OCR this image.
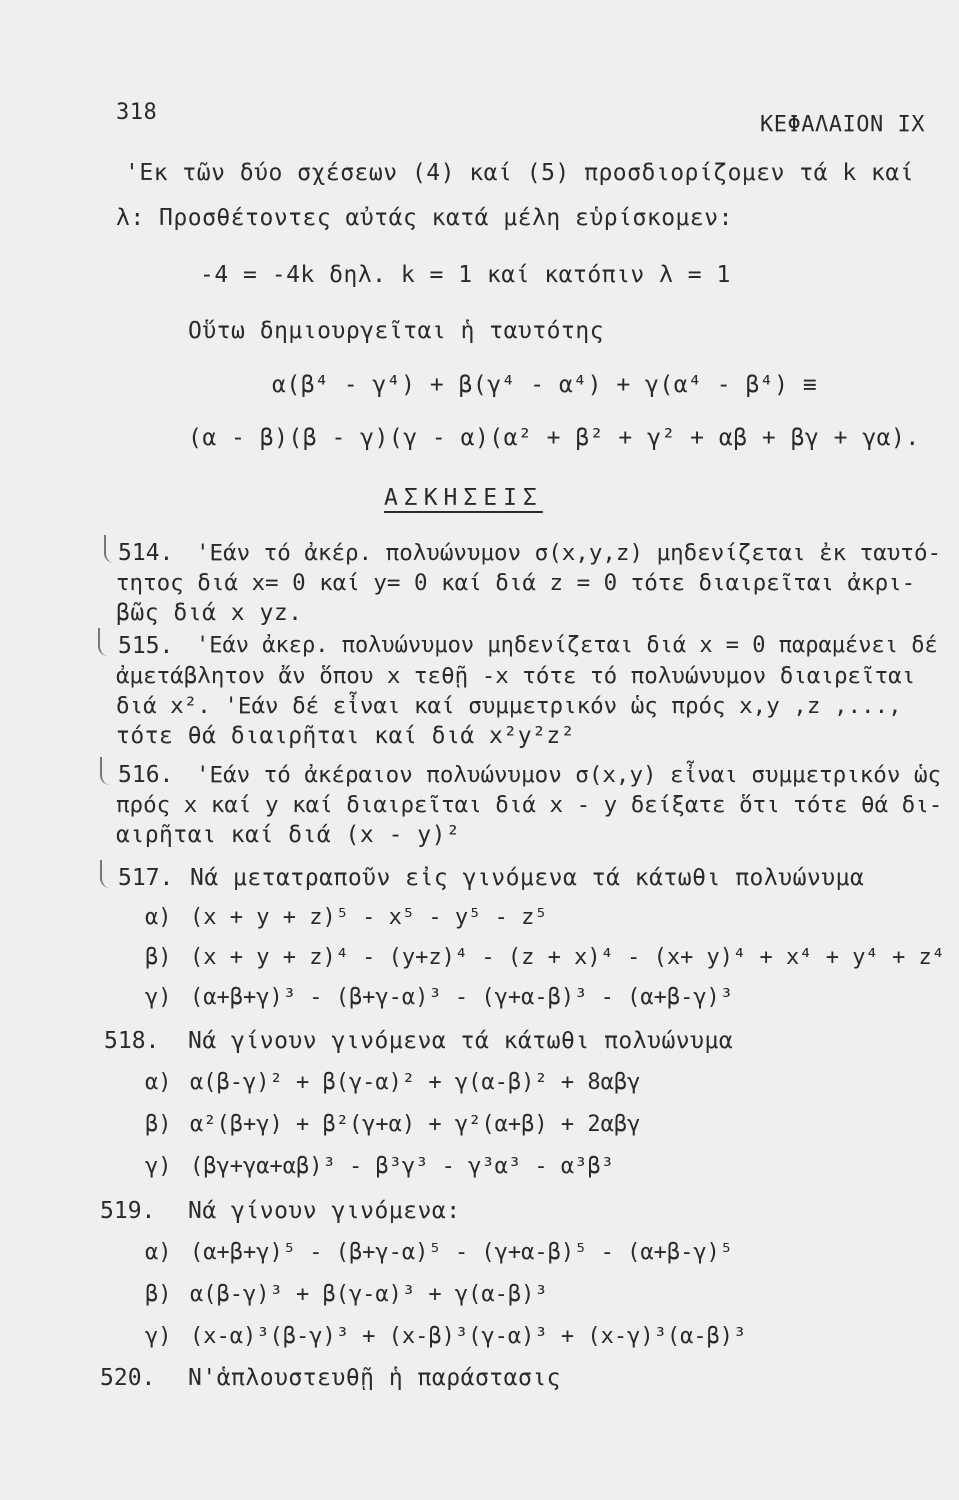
318	ΚΕΦΑΛΑΙΟΝ ΙΧ
'Εκ τῶν δύο σχέσεων (4) καί (5) προσδιορίζομεν τά k καί
λ: Προσθέτοντες αὐτάς κατά μέλη εὑρίσκομεν:
-4 = -4k δηλ. k = 1 καί κατόπιν λ = 1
Οὕτω δημιουργεῖται ἡ ταυτότης
α(β⁴ - γ⁴) + β(γ⁴ - α⁴) + γ(α⁴ - β⁴) ≡
(α - β)(β - γ)(γ - α)(α² + β² + γ² + αβ + βγ + γα).
ΑΣΚΗΣΕΙΣ
514. 'Εάν τό ἀκέρ. πολυώνυμον σ(x,y,z) μηδενίζεται ἐκ ταυτό-
τητος διά x= 0 καί y= 0 καί διά z = 0 τότε διαιρεῖται ἀκρι-
βῶς διά x yz.
515. 'Εάν ἀκερ. πολυώνυμον μηδενίζεται διά x = 0 παραμένει δέ
ἀμετάβλητον ἄν ὅπου x τεθῇ -x τότε τό πολυώνυμον διαιρεῖται
διά x². 'Εάν δέ εἶναι καί συμμετρικόν ὡς πρός x,y ,z ,...,
τότε θά διαιρῆται καί διά x²y²z²
516. 'Εάν τό ἀκέραιον πολυώνυμον σ(x,y) εἶναι συμμετρικόν ὡς
πρός x καί y καί διαιρεῖται διά x - y δείξατε ὅτι τότε θά δι-
αιρῆται καί διά (x - y)²
517. Νά μετατραποῦν εἰς γινόμενα τά κάτωθι πολυώνυμα
α) (x + y + z)⁵ - x⁵ - y⁵ - z⁵
β) (x + y + z)⁴ - (y+z)⁴ - (z + x)⁴ - (x+ y)⁴ + x⁴ + y⁴ + z⁴
γ) (α+β+γ)³ - (β+γ-α)³ - (γ+α-β)³ - (α+β-γ)³
518. Νά γίνουν γινόμενα τά κάτωθι πολυώνυμα
α) α(β-γ)² + β(γ-α)² + γ(α-β)² + 8αβγ
β) α²(β+γ) + β²(γ+α) + γ²(α+β) + 2αβγ
γ) (βγ+γα+αβ)³ - β³γ³ - γ³α³ - α³β³
519. Νά γίνουν γινόμενα:
α) (α+β+γ)⁵ - (β+γ-α)⁵ - (γ+α-β)⁵ - (α+β-γ)⁵
β) α(β-γ)³ + β(γ-α)³ + γ(α-β)³
γ) (x-α)³(β-γ)³ + (x-β)³(γ-α)³ + (x-γ)³(α-β)³
520. Ν'ἁπλουστευθῇ ἡ παράστασις
